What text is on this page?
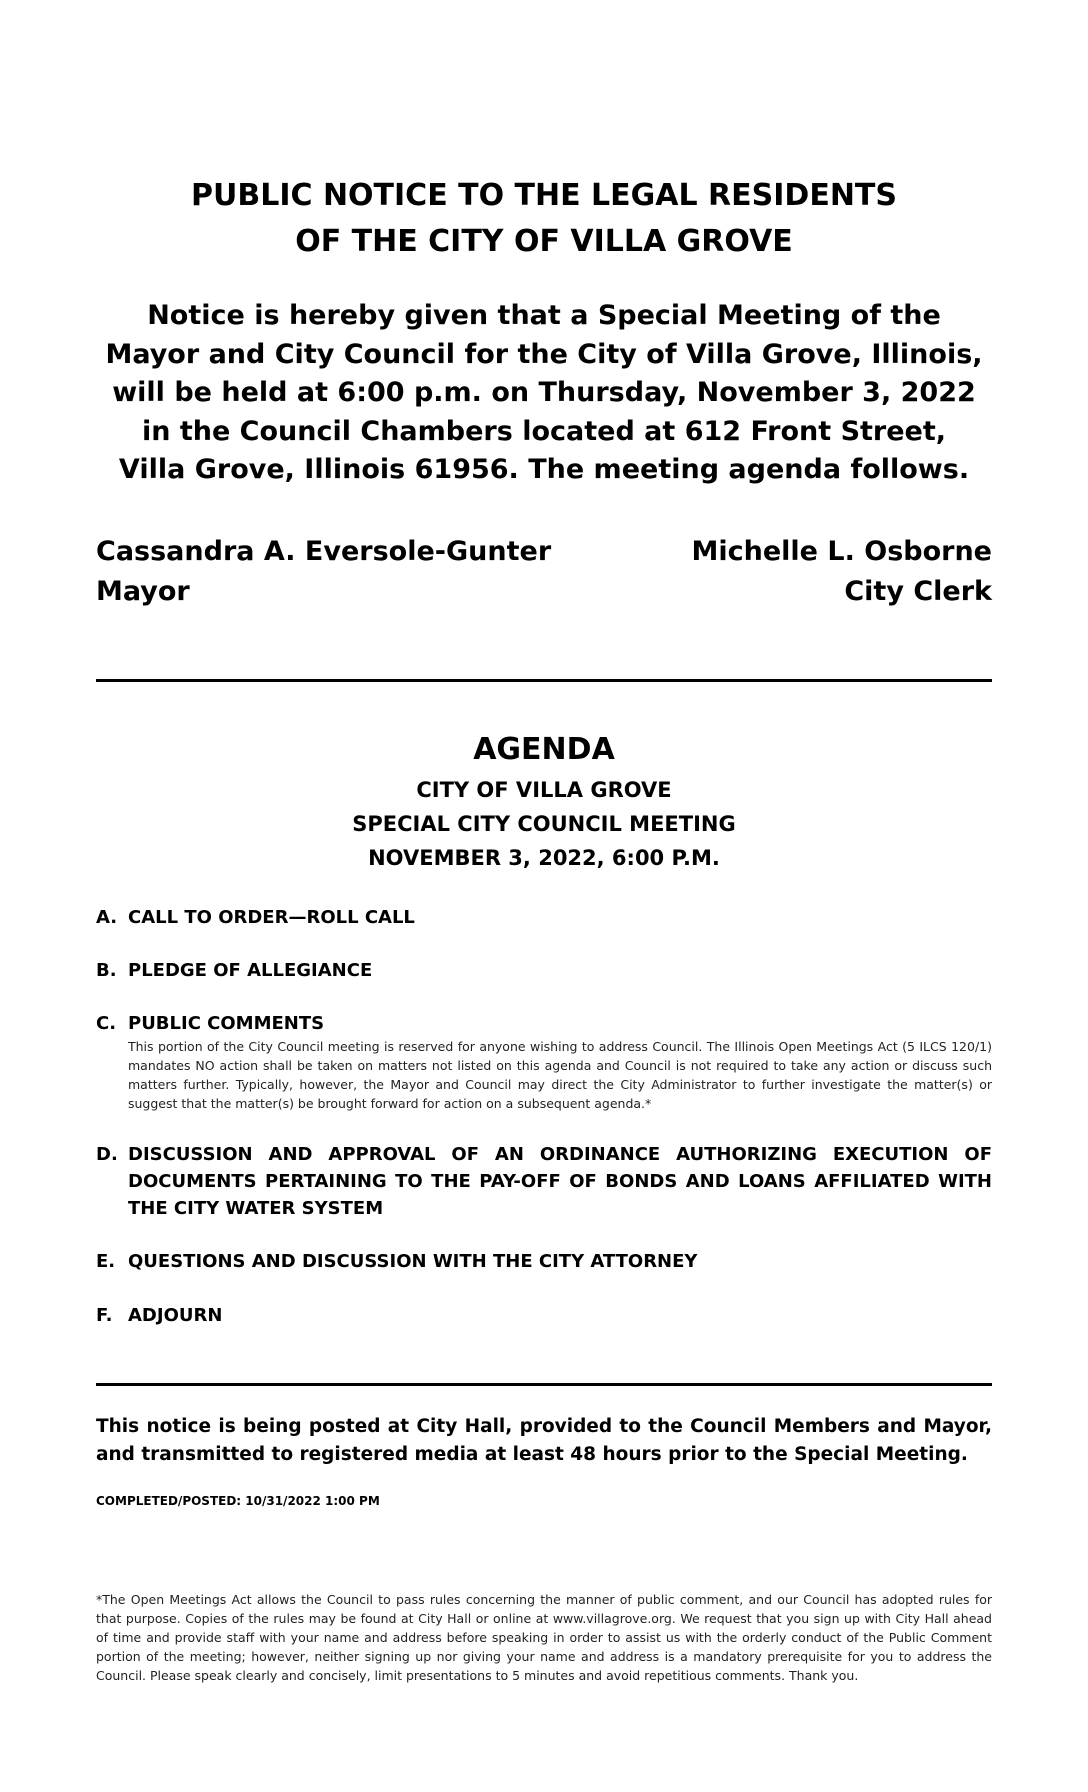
PUBLIC NOTICE TO THE LEGAL RESIDENTS
OF THE CITY OF VILLA GROVE
Notice is hereby given that a Special Meeting of the
Mayor and City Council for the City of Villa Grove, Illinois,
will be held at 6:00 p.m. on Thursday, November 3, 2022
in the Council Chambers located at 612 Front Street,
Villa Grove, Illinois 61956. The meeting agenda follows.
Cassandra A. Eversole-Gunter
Mayor
Michelle L. Osborne
City Clerk
AGENDA
CITY OF VILLA GROVE
SPECIAL CITY COUNCIL MEETING
NOVEMBER 3, 2022, 6:00 P.M.
A. CALL TO ORDER—ROLL CALL
B. PLEDGE OF ALLEGIANCE
C. PUBLIC COMMENTS
This portion of the City Council meeting is reserved for anyone wishing to address Council. The Illinois Open Meetings Act (5 ILCS 120/1) mandates NO action shall be taken on matters not listed on this agenda and Council is not required to take any action or discuss such matters further. Typically, however, the Mayor and Council may direct the City Administrator to further investigate the matter(s) or suggest that the matter(s) be brought forward for action on a subsequent agenda.*
D. DISCUSSION AND APPROVAL OF AN ORDINANCE AUTHORIZING EXECUTION OF DOCUMENTS PERTAINING TO THE PAY-OFF OF BONDS AND LOANS AFFILIATED WITH THE CITY WATER SYSTEM
E. QUESTIONS AND DISCUSSION WITH THE CITY ATTORNEY
F. ADJOURN
This notice is being posted at City Hall, provided to the Council Members and Mayor, and transmitted to registered media at least 48 hours prior to the Special Meeting.
COMPLETED/POSTED: 10/31/2022 1:00 PM
*The Open Meetings Act allows the Council to pass rules concerning the manner of public comment, and our Council has adopted rules for that purpose. Copies of the rules may be found at City Hall or online at www.villagrove.org. We request that you sign up with City Hall ahead of time and provide staff with your name and address before speaking in order to assist us with the orderly conduct of the Public Comment portion of the meeting; however, neither signing up nor giving your name and address is a mandatory prerequisite for you to address the Council. Please speak clearly and concisely, limit presentations to 5 minutes and avoid repetitious comments. Thank you.
